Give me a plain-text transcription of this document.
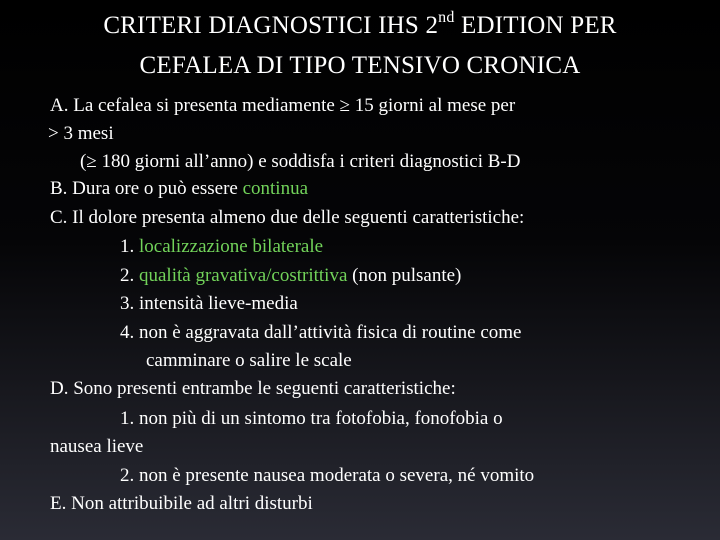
CRITERI DIAGNOSTICI IHS 2nd EDITION PER
CEFALEA DI TIPO TENSIVO CRONICA
A. La cefalea si presenta mediamente ≥ 15 giorni al mese per
> 3 mesi
(≥ 180 giorni all’anno) e soddisfa i criteri diagnostici B-D
B. Dura ore o può essere continua
C. Il dolore presenta almeno due delle seguenti caratteristiche:
1. localizzazione bilaterale
2. qualità gravativa/costrittiva (non pulsante)
3. intensità lieve-media
4. non è aggravata dall’attività fisica di routine come
camminare o salire le scale
D. Sono presenti entrambe le seguenti caratteristiche:
1. non più di un sintomo tra fotofobia, fonofobia o
nausea lieve
2. non è presente nausea moderata o severa, né vomito
E. Non attribuibile ad altri disturbi
